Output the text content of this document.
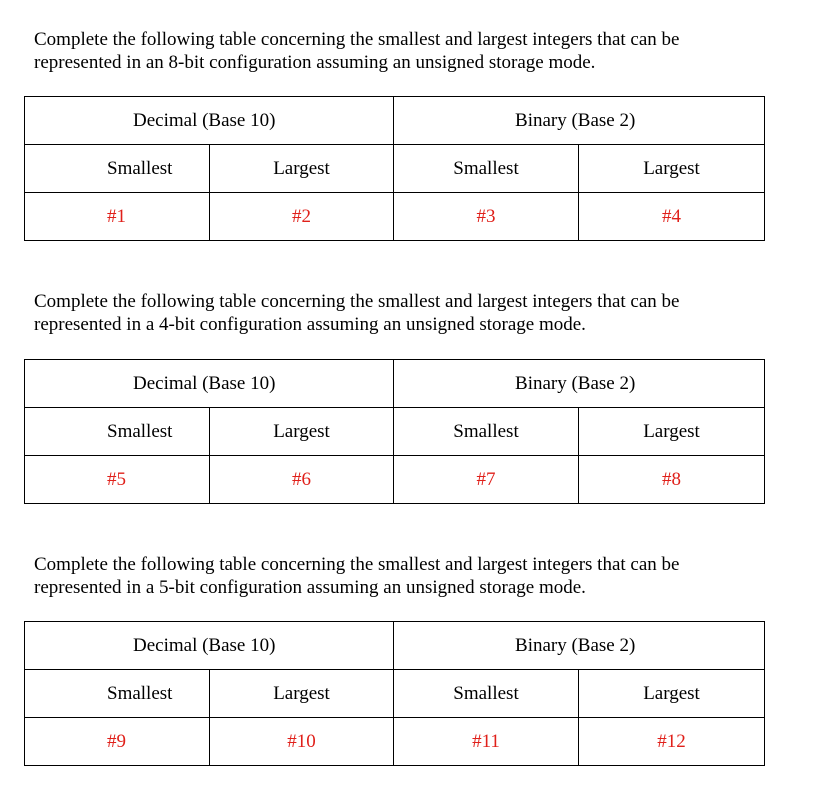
Complete the following table concerning the smallest and largest integers that can be
represented in an 8-bit configuration assuming an unsigned storage mode.

Decimal (Base 10)		Binary (Base 2)	
Smallest	Largest	Smallest	Largest
#1	#2	#3	#4

Complete the following table concerning the smallest and largest integers that can be
represented in a 4-bit configuration assuming an unsigned storage mode.

Decimal (Base 10)		Binary (Base 2)	
Smallest	Largest	Smallest	Largest
#5	#6	#7	#8

Complete the following table concerning the smallest and largest integers that can be
represented in a 5-bit configuration assuming an unsigned storage mode.

Decimal (Base 10)		Binary (Base 2)	
Smallest	Largest	Smallest	Largest
#9	#10	#11	#12
